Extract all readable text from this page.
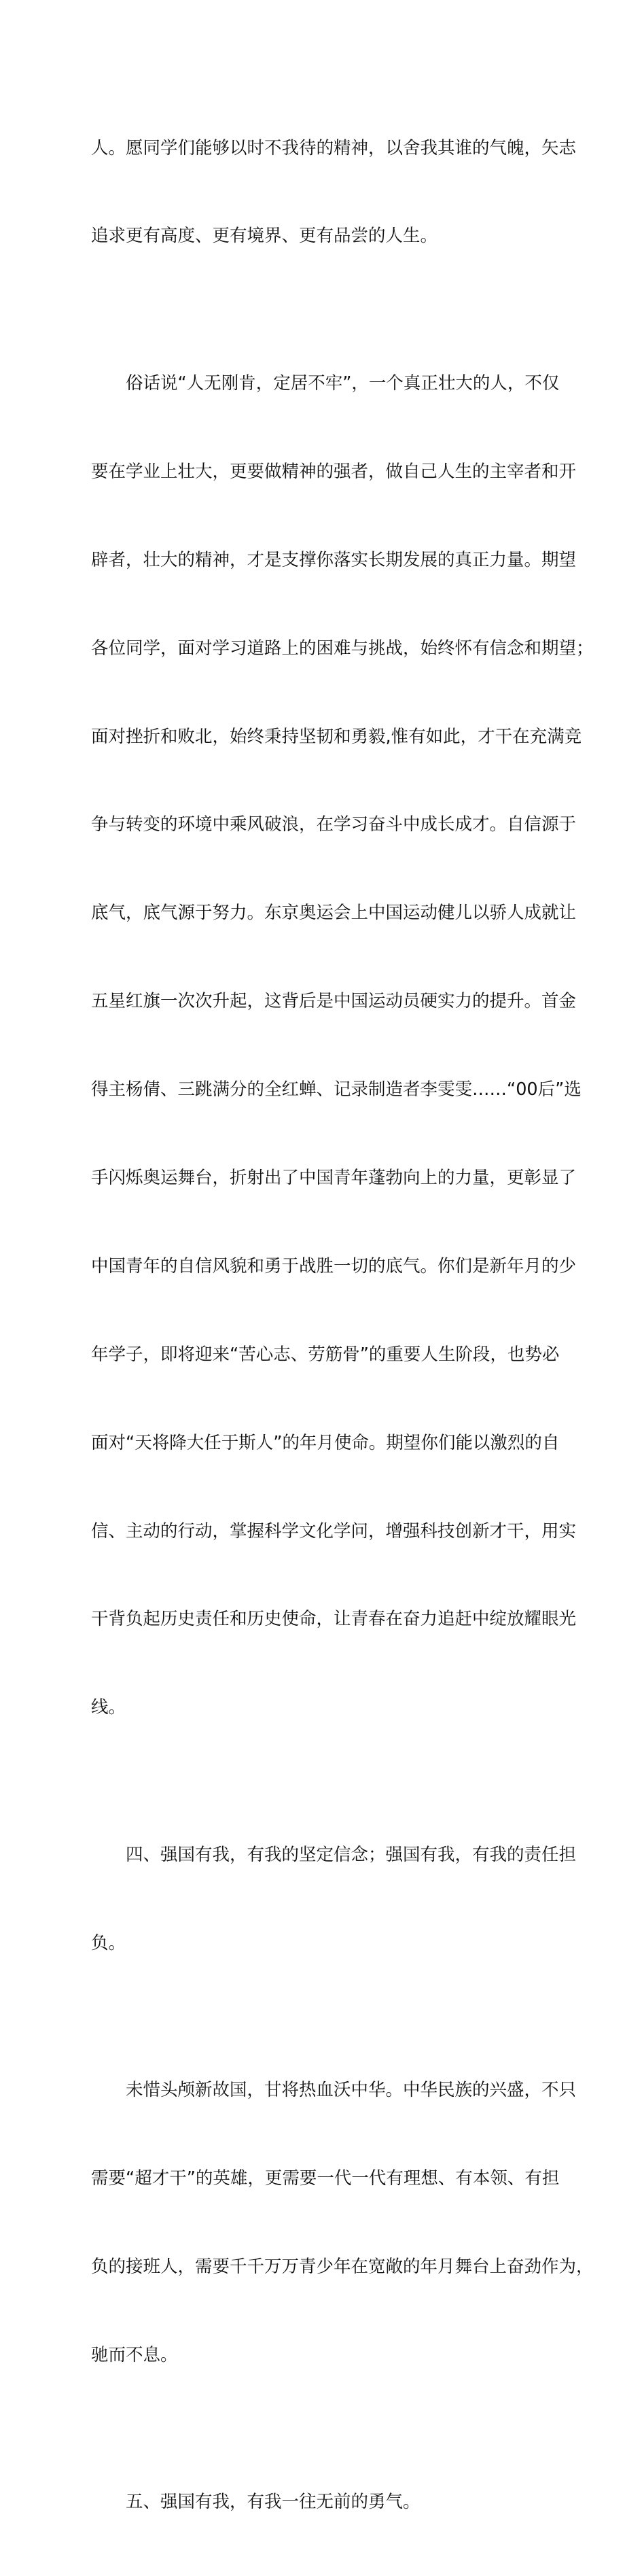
人。愿同学们能够以时不我待的精神，以舍我其谁的气魄，矢志

追求更有高度、更有境界、更有品尝的人生。

俗话说“人无刚肯，定居不牢”，一个真正壮大的人，不仅

要在学业上壮大，更要做精神的强者，做自己人生的主宰者和开

辟者，壮大的精神，才是支撑你落实长期发展的真正力量。期望

各位同学，面对学习道路上的困难与挑战，始终怀有信念和期望；

面对挫折和败北，始终秉持坚韧和勇毅,惟有如此，才干在充满竞

争与转变的环境中乘风破浪，在学习奋斗中成长成才。自信源于

底气，底气源于努力。东京奥运会上中国运动健儿以骄人成就让

五星红旗一次次升起，这背后是中国运动员硬实力的提升。首金

得主杨倩、三跳满分的全红蝉、记录制造者李雯雯……“00后”选

手闪烁奥运舞台，折射出了中国青年蓬勃向上的力量，更彰显了

中国青年的自信风貌和勇于战胜一切的底气。你们是新年月的少

年学子，即将迎来“苦心志、劳筋骨”的重要人生阶段，也势必

面对“天将降大任于斯人”的年月使命。期望你们能以激烈的自

信、主动的行动，掌握科学文化学问，增强科技创新才干，用实

干背负起历史责任和历史使命，让青春在奋力追赶中绽放耀眼光

线。

四、强国有我，有我的坚定信念；强国有我，有我的责任担

负。

未惜头颅新故国，甘将热血沃中华。中华民族的兴盛，不只

需要“超才干”的英雄，更需要一代一代有理想、有本领、有担

负的接班人，需要千千万万青少年在宽敞的年月舞台上奋劲作为，

驰而不息。

五、强国有我，有我一往无前的勇气。
